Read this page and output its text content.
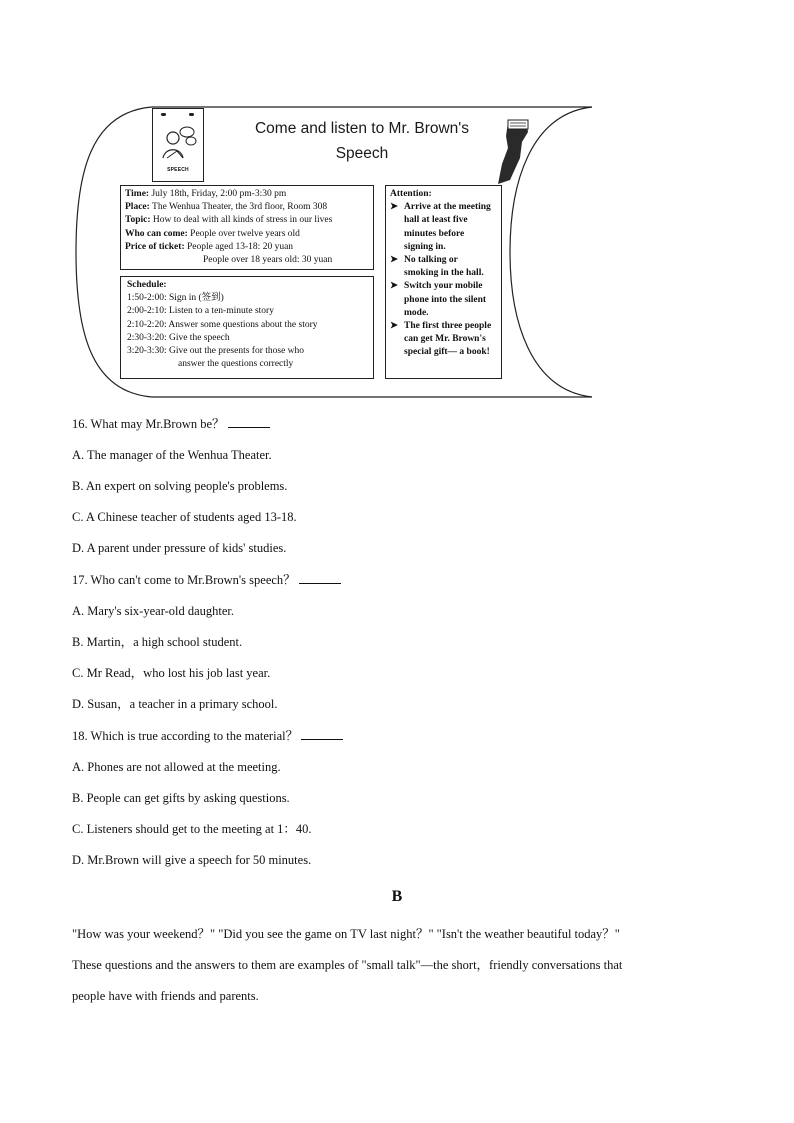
SPEECH
Come and listen to Mr. Brown's
Speech
Time: July 18th, Friday, 2:00 pm-3:30 pm
Place: The Wenhua Theater, the 3rd floor, Room 308
Topic: How to deal with all kinds of stress in our lives
Who can come: People over twelve years old
Price of ticket: People aged 13-18: 20 yuan
People over 18 years old: 30 yuan
Schedule:
1:50-2:00: Sign in (签到)
2:00-2:10: Listen to a ten-minute story
2:10-2:20: Answer some questions about the story
2:30-3:20: Give the speech
3:20-3:30: Give out the presents for those who
answer the questions correctly
Attention:
➤ Arrive at the meeting
hall at least five
minutes before
signing in.
➤ No talking or
smoking in the hall.
➤ Switch your mobile
phone into the silent
mode.
➤ The first three people
can get Mr. Brown's
special gift— a book!
16. What may Mr.Brown be？
A. The manager of the Wenhua Theater.
B. An expert on solving people's problems.
C. A Chinese teacher of students aged 13-18.
D. A parent under pressure of kids' studies.
17. Who can't come to Mr.Brown's speech？
A. Mary's six-year-old daughter.
B. Martin，a high school student.
C. Mr Read，who lost his job last year.
D. Susan，a teacher in a primary school.
18. Which is true according to the material？
A. Phones are not allowed at the meeting.
B. People can get gifts by asking questions.
C. Listeners should get to the meeting at 1：40.
D. Mr.Brown will give a speech for 50 minutes.
B
"How was your weekend？" "Did you see the game on TV last night？" "Isn't the weather beautiful today？"
These questions and the answers to them are examples of "small talk"—the short，friendly conversations that
people have with friends and parents.
